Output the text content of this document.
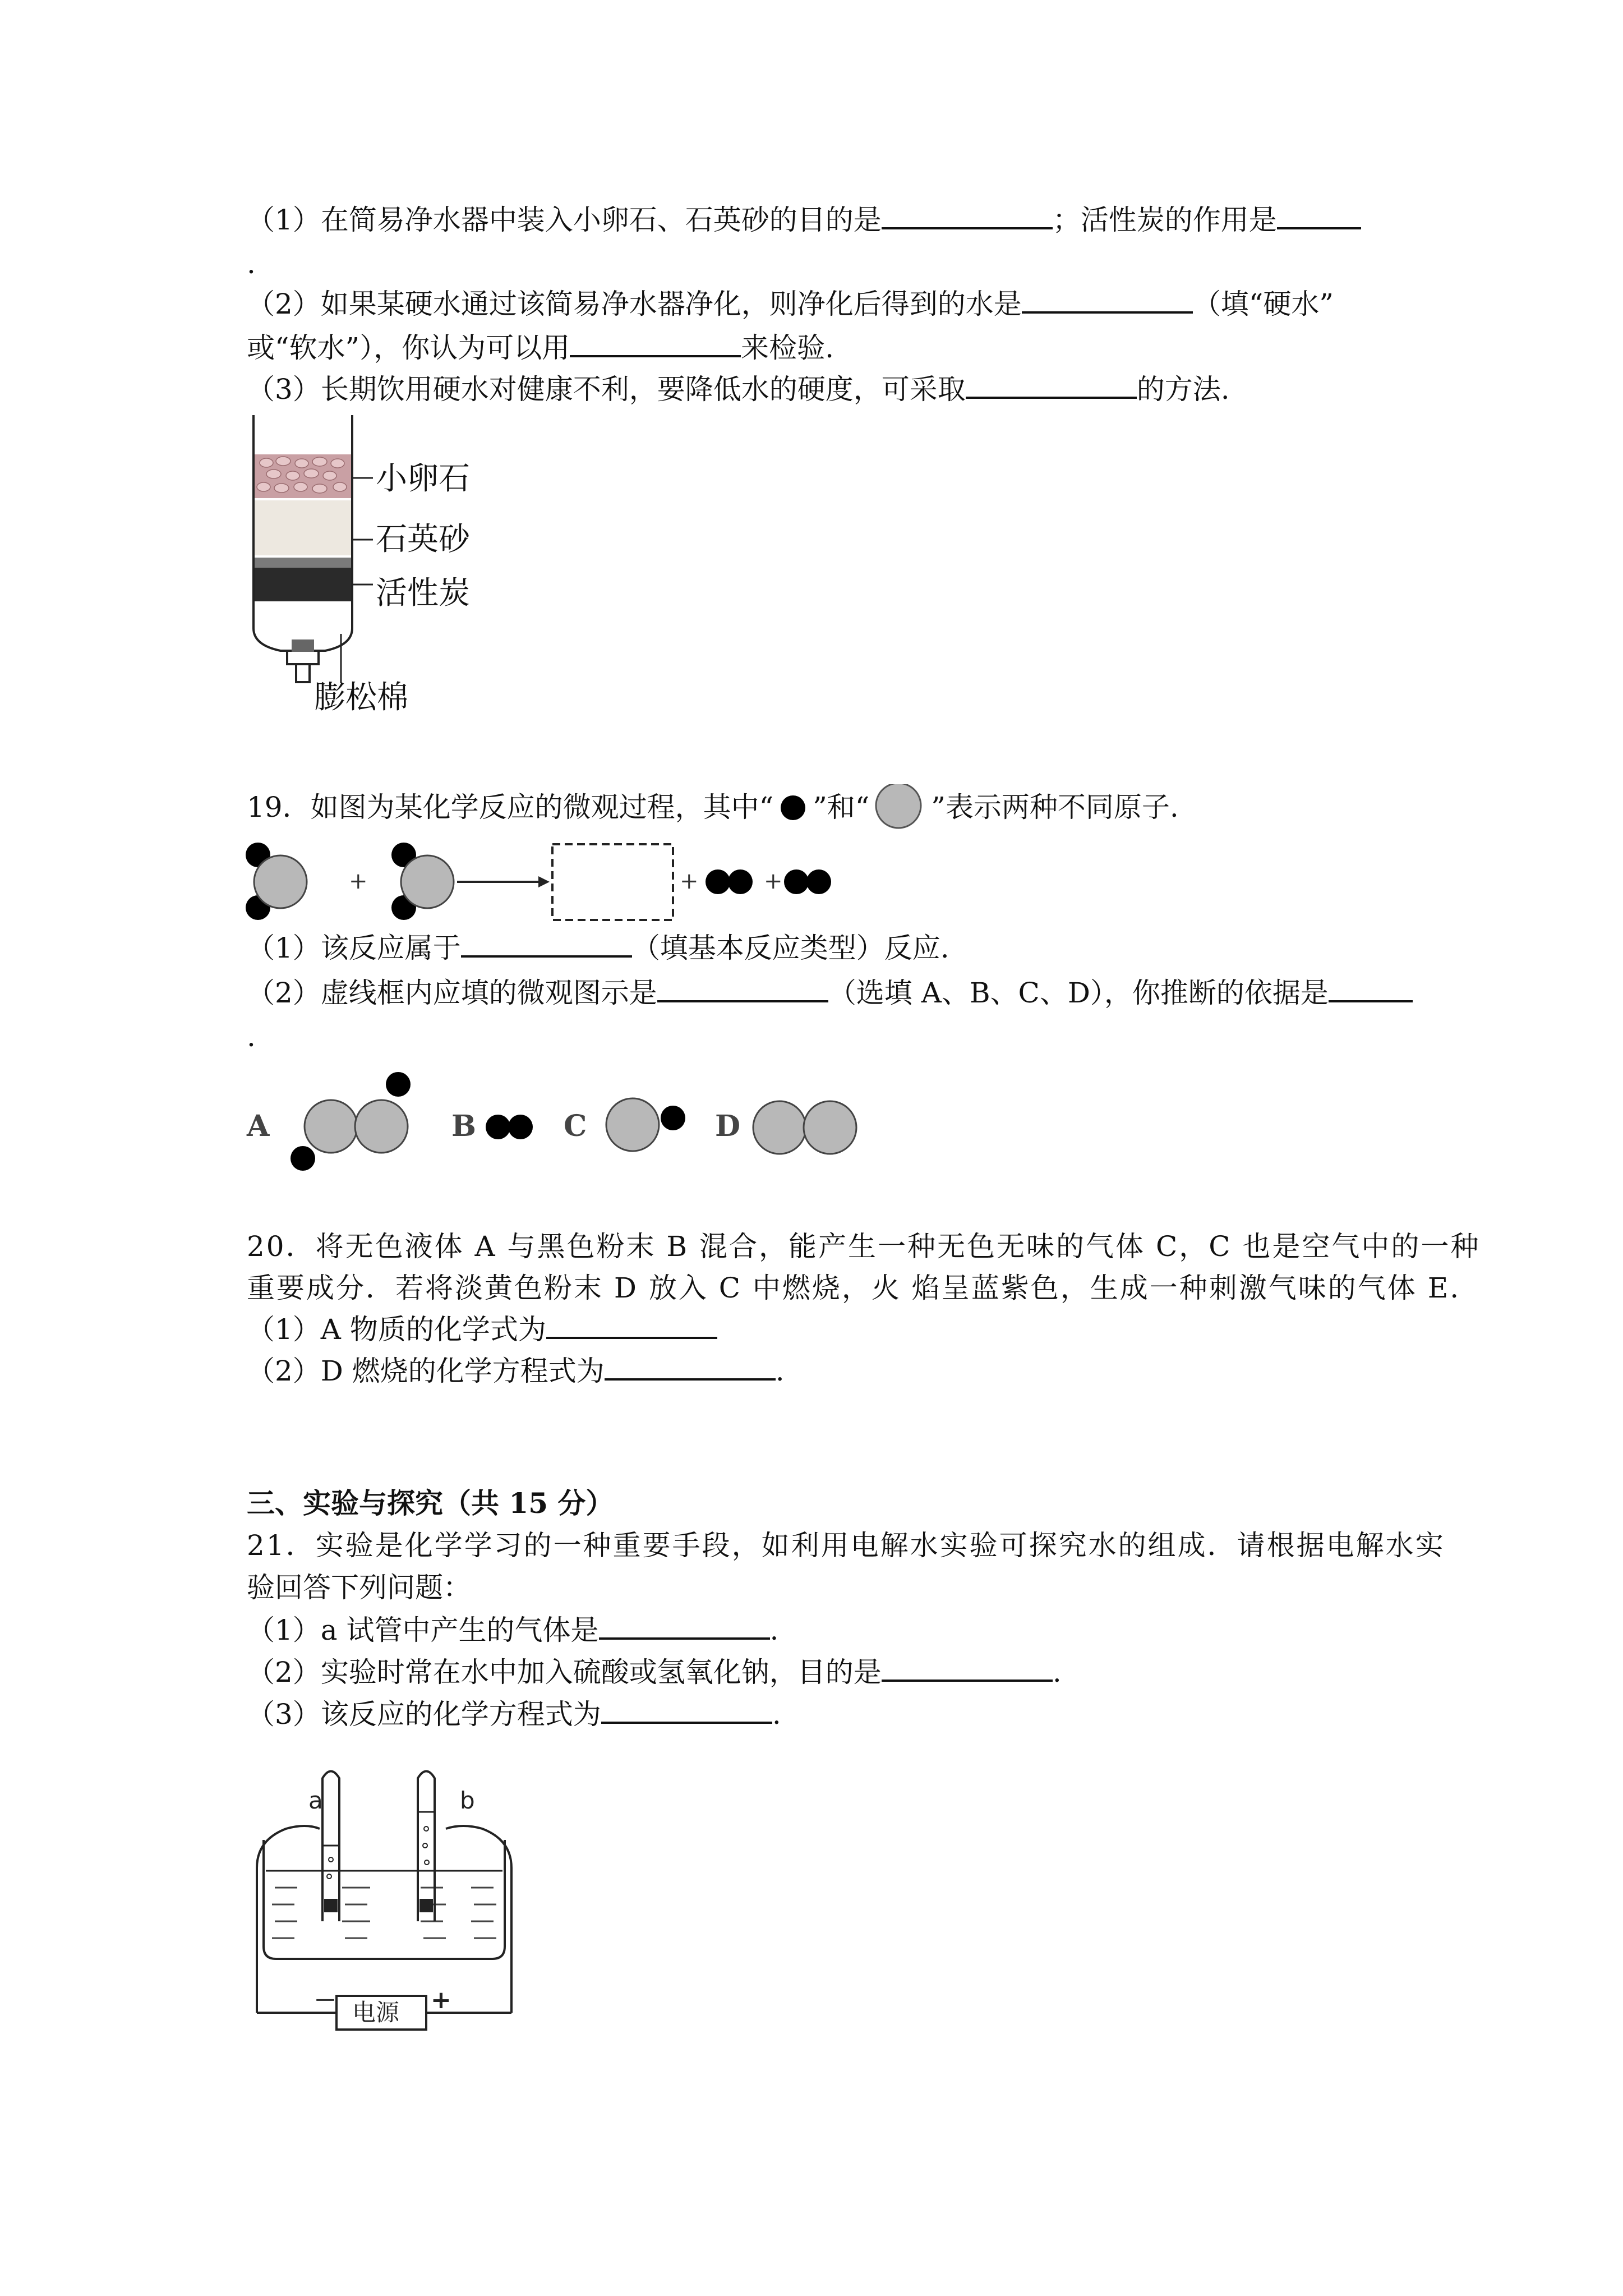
（1）在简易净水器中装入小卵石、石英砂的目的是	；活性炭的作用是
.
（2）如果某硬水通过该简易净水器净化，则净化后得到的水是	（填“硬水”
或“软水”），你认为可以用	来检验.
（3）长期饮用硬水对健康不利，要降低水的硬度，可采取	的方法.
小卵石
石英砂
活性炭
膨松棉
19．如图为某化学反应的微观过程，其中“ ”和“ ”表示两种不同原子.
+	+	+
（1）该反应属于	（填基本反应类型）反应.
（2）虚线框内应填的微观图示是	（选填 A、B、C、D），你推断的依据是
.
A	B	C	D
20．将无色液体 A 与黑色粉末 B 混合，能产生一种无色无味的气体 C，C 也是空气中的一种
重要成分．若将淡黄色粉末 D 放入 C 中燃烧，火 焰呈蓝紫色，生成一种刺激气味的气体 E.
（1）A 物质的化学式为
（2）D 燃烧的化学方程式为	.
三、实验与探究（共 15 分）
21．实验是化学学习的一种重要手段，如利用电解水实验可探究水的组成．请根据电解水实
验回答下列问题：
（1）a 试管中产生的气体是	.
（2）实验时常在水中加入硫酸或氢氧化钠，目的是	.
（3）该反应的化学方程式为	.
a	b
电源
－	+
